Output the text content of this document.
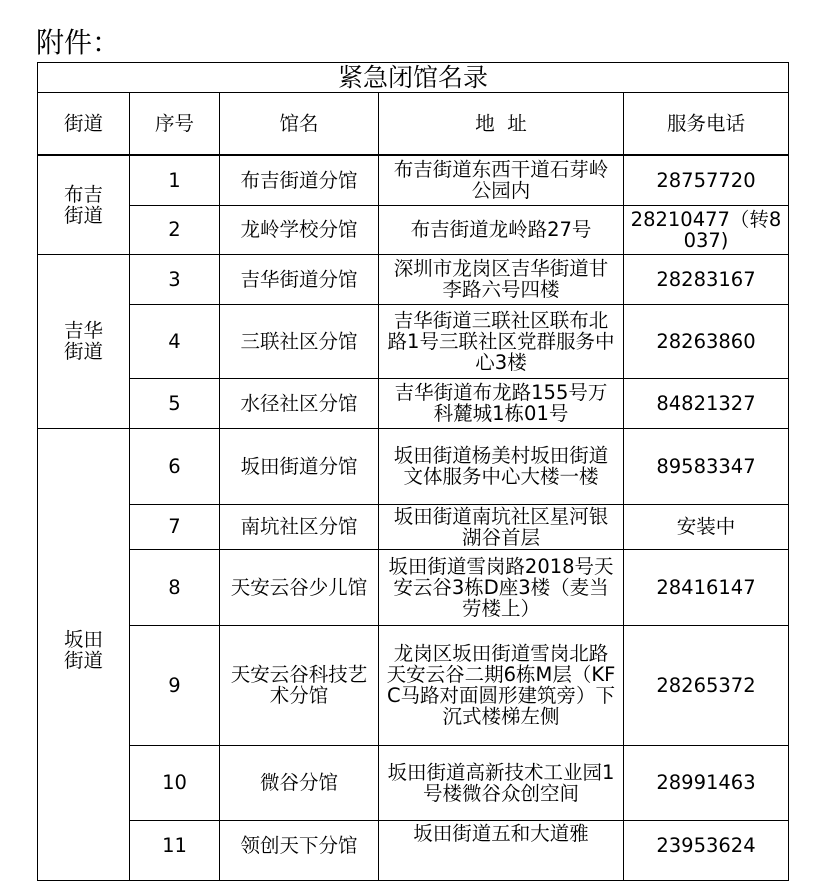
附件：
紧急闭馆名录				
街道	序号	馆名	地  址	服务电话
布吉
街道	1	布吉街道分馆	布吉街道东西干道石芽岭公园内	28757720
	2	龙岭学校分馆	布吉街道龙岭路27号	28210477（转8037)
吉华
街道	3	吉华街道分馆	深圳市龙岗区吉华街道甘李路六号四楼	28283167
	4	三联社区分馆	吉华街道三联社区联布北路1号三联社区党群服务中心3楼	28263860
	5	水径社区分馆	吉华街道布龙路155号万科麓城1栋01号	84821327
坂田
街道	6	坂田街道分馆	坂田街道杨美村坂田街道文体服务中心大楼一楼	89583347
	7	南坑社区分馆	坂田街道南坑社区星河银湖谷首层	安装中
	8	天安云谷少儿馆	坂田街道雪岗路2018号天安云谷3栋D座3楼（麦当劳楼上）	28416147
	9	天安云谷科技艺术分馆	龙岗区坂田街道雪岗北路天安云谷二期6栋M层（KFC马路对面圆形建筑旁）下沉式楼梯左侧	28265372
	10	微谷分馆	坂田街道高新技术工业园1号楼微谷众创空间	28991463
	11	领创天下分馆	坂田街道五和大道雅	23953624
